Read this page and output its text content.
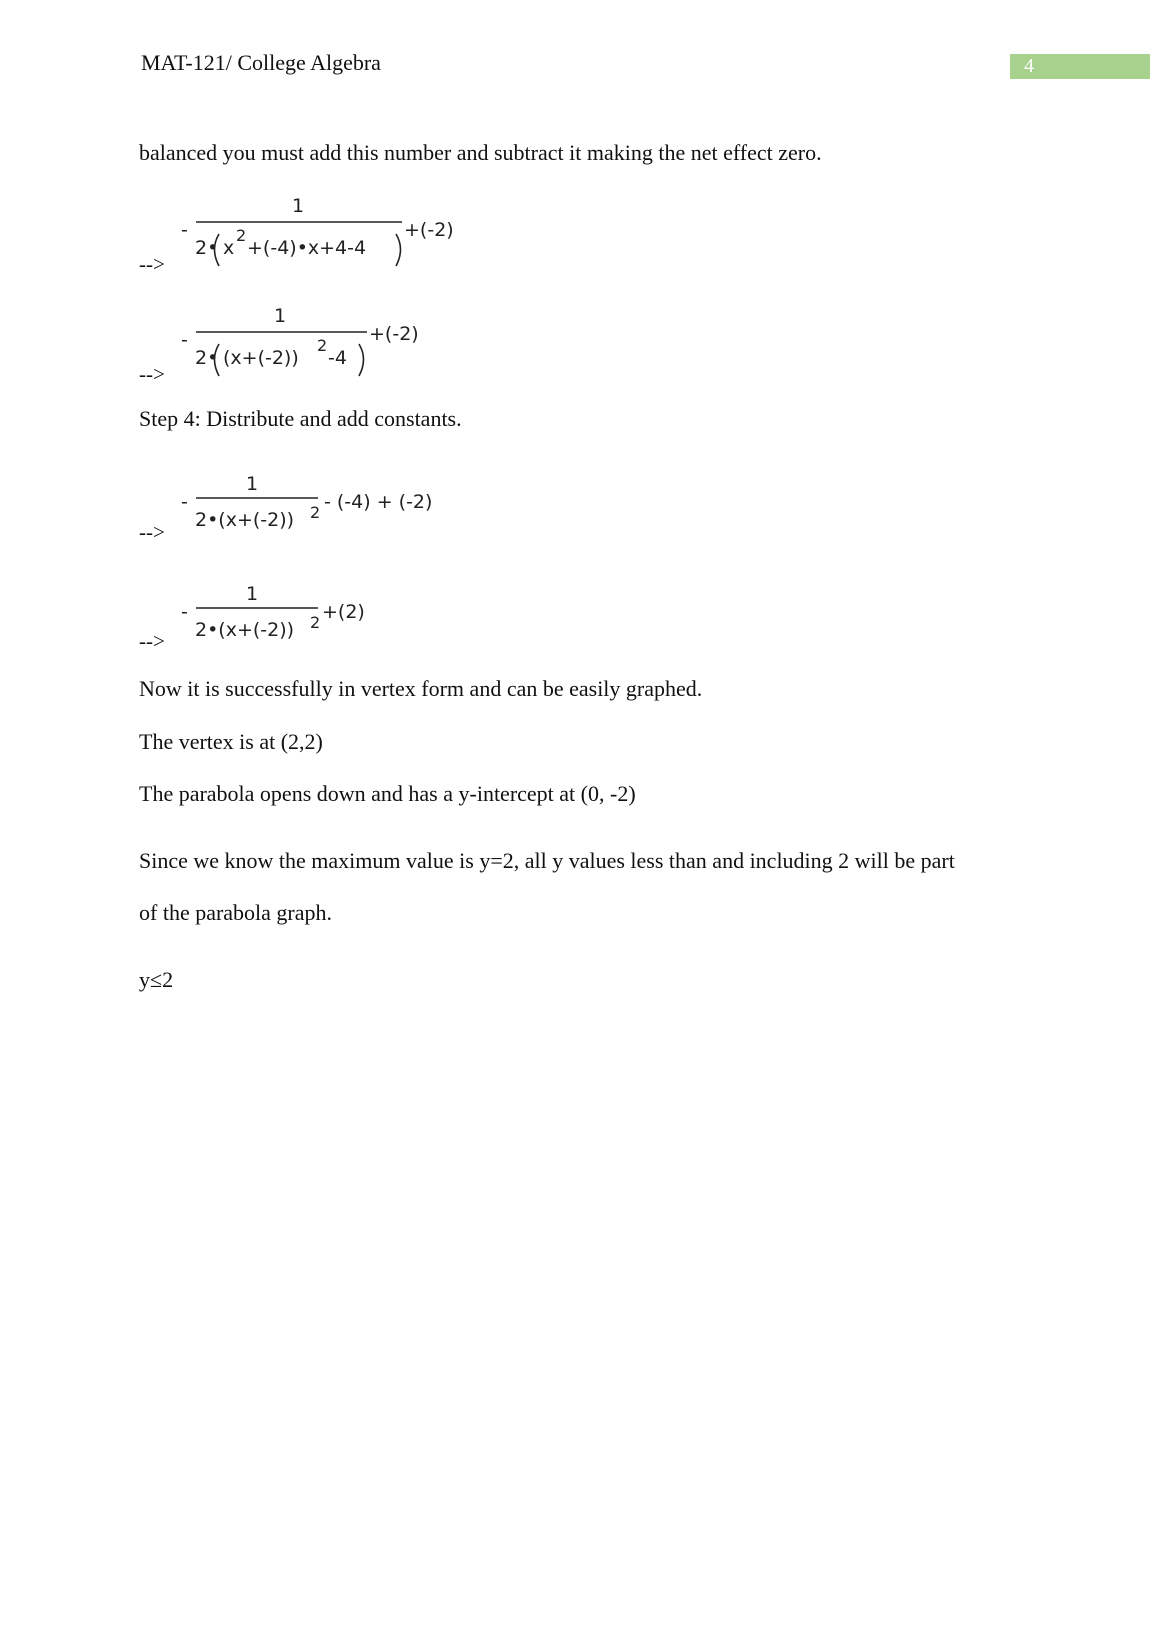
MAT-121/ College Algebra	4
balanced you must add this number and subtract it making the net effect zero.
-->
-
1
2• x
2
+(-4)•x+4-4
+(-2)
-->
-
1
2• (x+(-2))
2
-4
+(-2)
Step 4: Distribute and add constants.
-->
-
1
2•(x+(-2)) 2 - (-4) + (-2)
-->
-
1
2•(x+(-2)) 2 +(2)
Now it is successfully in vertex form and can be easily graphed.
The vertex is at (2,2)
The parabola opens down and has a y-intercept at (0, -2)
Since we know the maximum value is y=2, all y values less than and including 2 will be part
of the parabola graph.
y≤2
